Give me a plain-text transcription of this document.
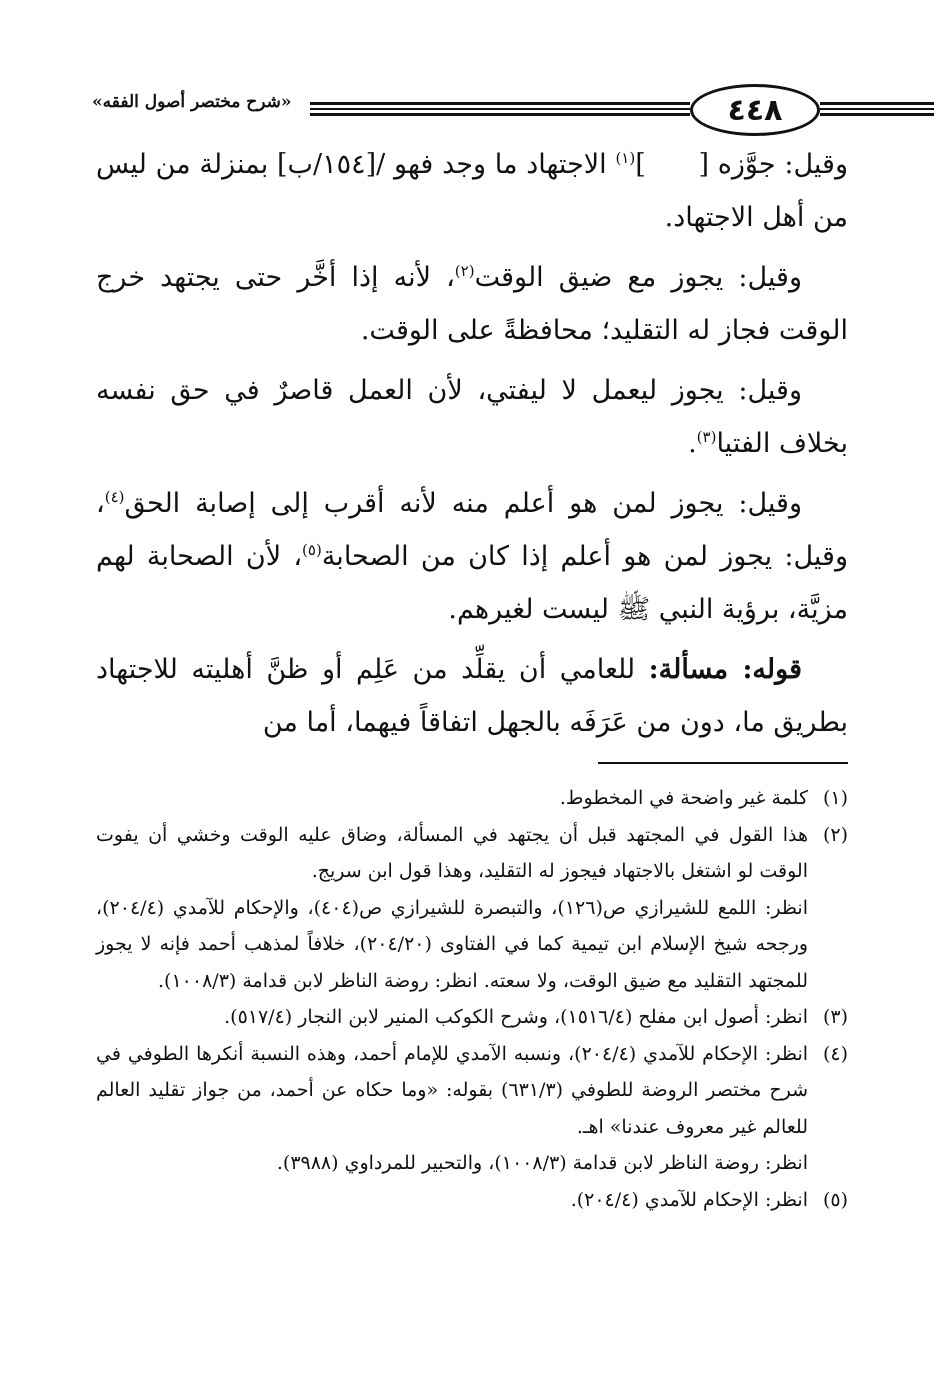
«شرح مختصر أصول الفقه»	٤٤٨

وقيل: جوَّزه [      ]$^{(١)}$ الاجتهاد ما وجد فهو /[١٥٤/ب] بمنزلة من ليس من أهل الاجتهاد.

وقيل: يجوز مع ضيق الوقت$^{(٢)}$، لأنه إذا أخَّر حتى يجتهد خرج الوقت فجاز له التقليد؛ محافظةً على الوقت.

وقيل: يجوز ليعمل لا ليفتي، لأن العمل قاصرٌ في حق نفسه بخلاف الفتيا$^{(٣)}$.

وقيل: يجوز لمن هو أعلم منه لأنه أقرب إلى إصابة الحق$^{(٤)}$، وقيل: يجوز لمن هو أعلم إذا كان من الصحابة$^{(٥)}$، لأن الصحابة لهم مزيَّة، برؤية النبي ﷺ ليست لغيرهم.

قوله: مسألة: للعامي أن يقلِّد من عَلِم أو ظنَّ أهليته للاجتهاد بطريق ما، دون من عَرَفَه بالجهل اتفاقاً فيهما، أما من

(١)
كلمة غير واضحة في المخطوط.
(٢)
هذا القول في المجتهد قبل أن يجتهد في المسألة، وضاق عليه الوقت وخشي أن يفوت الوقت لو اشتغل بالاجتهاد فيجوز له التقليد، وهذا قول ابن سريج.
انظر: اللمع للشيرازي ص(١٢٦)، والتبصرة للشيرازي ص(٤٠٤)، والإحكام للآمدي (٢٠٤/٤)، ورجحه شيخ الإسلام ابن تيمية كما في الفتاوى (٢٠٤/٢٠)، خلافاً لمذهب أحمد فإنه لا يجوز للمجتهد التقليد مع ضيق الوقت، ولا سعته. انظر: روضة الناظر لابن قدامة (١٠٠٨/٣).
(٣)
انظر: أصول ابن مفلح (١٥١٦/٤)، وشرح الكوكب المنير لابن النجار (٥١٧/٤).
(٤)
انظر: الإحكام للآمدي (٢٠٤/٤)، ونسبه الآمدي للإمام أحمد، وهذه النسبة أنكرها الطوفي في شرح مختصر الروضة للطوفي (٦٣١/٣) بقوله: «وما حكاه عن أحمد، من جواز تقليد العالم للعالم غير معروف عندنا» اهـ.
انظر: روضة الناظر لابن قدامة (١٠٠٨/٣)، والتحبير للمرداوي (٣٩٨٨).
(٥)
انظر: الإحكام للآمدي (٢٠٤/٤).
